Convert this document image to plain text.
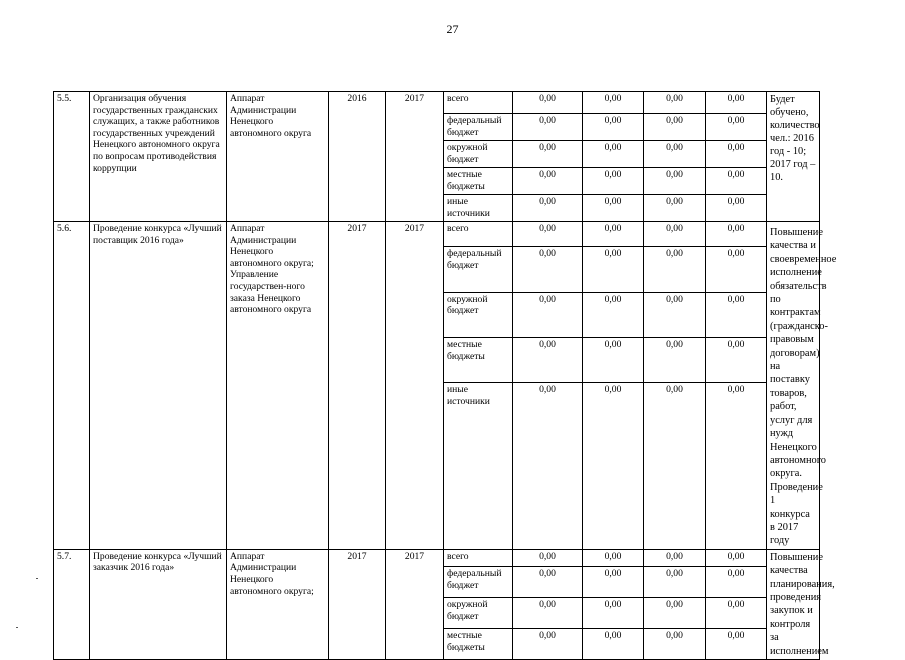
27
5.5.	Организация обучения государственных гражданских служащих, а также работников государственных учреждений Ненецкого автономного округа по вопросам противодействия коррупции	Аппарат Администрации Ненецкого автономного округа	2016	2017	всего	0,00	0,00	0,00	0,00	Будет обучено, количество чел.: 2016 год - 10; 2017 год – 10.
					федеральный бюджет	0,00	0,00	0,00	0,00	
					окружной бюджет	0,00	0,00	0,00	0,00	
					местные бюджеты	0,00	0,00	0,00	0,00	
					иные источники	0,00	0,00	0,00	0,00	
5.6.	Проведение конкурса «Лучший поставщик 2016 года»	Аппарат Администрации Ненецкого автономного округа; Управление государствен-ного заказа Ненецкого автономного округа	2017	2017	всего	0,00	0,00	0,00	0,00	Повышение качества и своевременное исполнение обязательств по контрактам (гражданско-правовым договорам) на поставку товаров, работ, услуг для нужд Ненецкого автономного округа. Проведение 1 конкурса в 2017 году
					федеральный бюджет	0,00	0,00	0,00	0,00	
					окружной бюджет	0,00	0,00	0,00	0,00	
					местные бюджеты	0,00	0,00	0,00	0,00	
					иные источники	0,00	0,00	0,00	0,00	
5.7.	Проведение конкурса «Лучший заказчик 2016 года»	Аппарат Администрации Ненецкого автономного округа;	2017	2017	всего	0,00	0,00	0,00	0,00	Повышение качества планирования, проведения закупок и контроля за исполнением
					федеральный бюджет	0,00	0,00	0,00	0,00	
					окружной бюджет	0,00	0,00	0,00	0,00	
					местные бюджеты	0,00	0,00	0,00	0,00	
